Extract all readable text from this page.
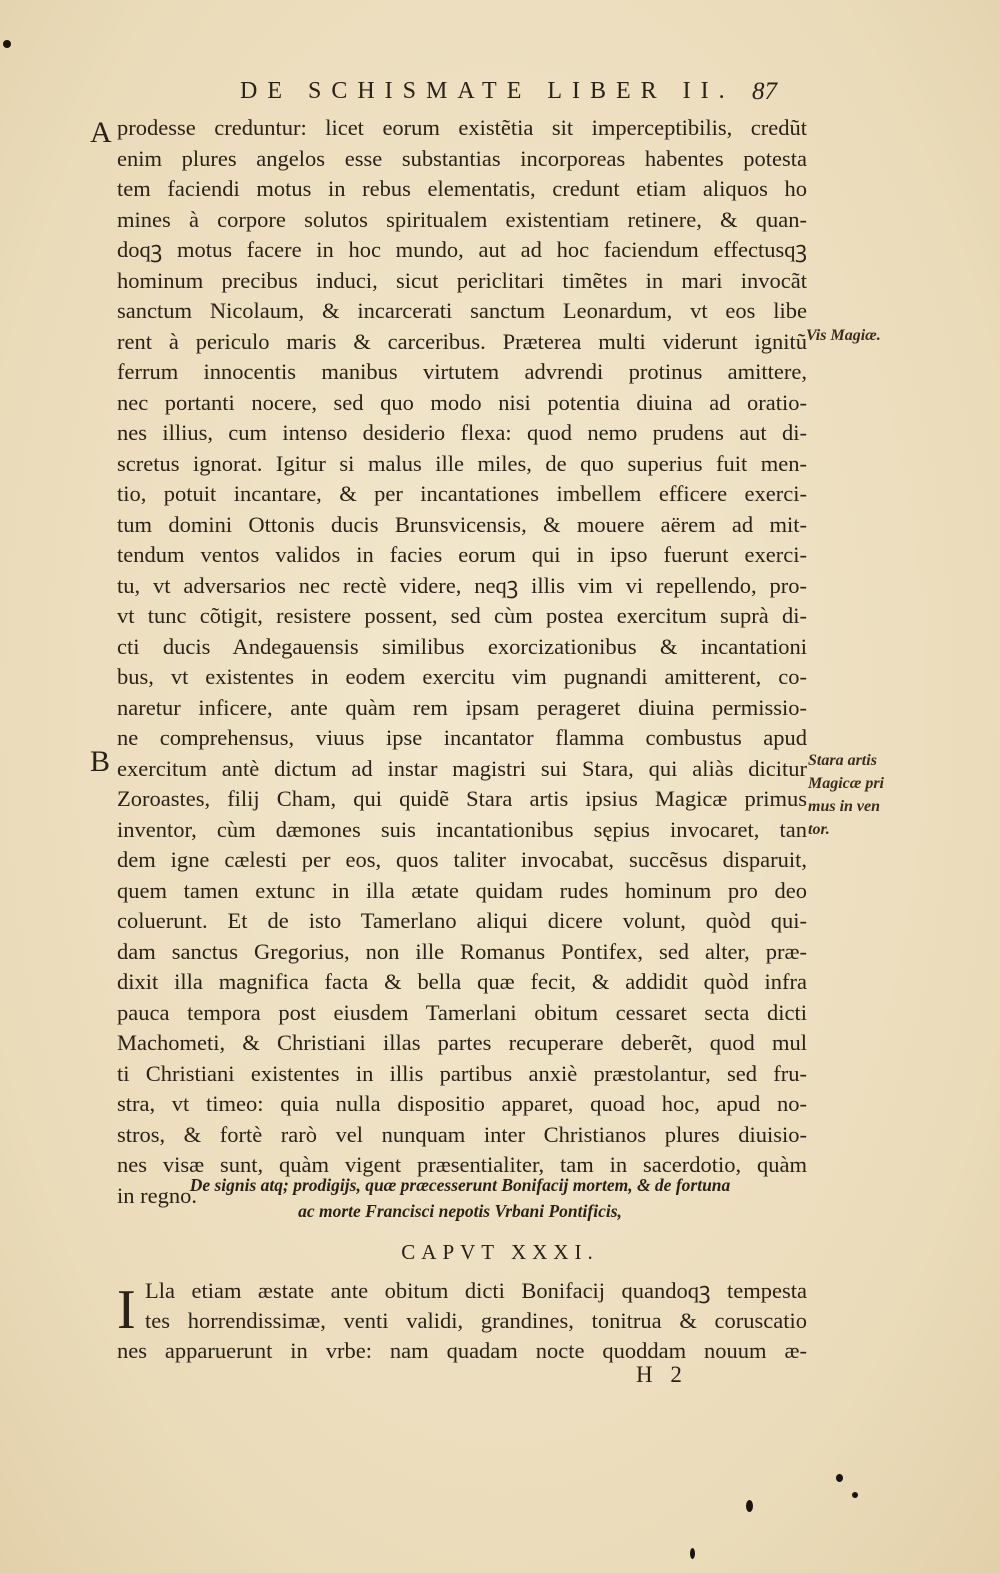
DE SCHISMATE LIBER II. 87
A
B
prodesse creduntur: licet eorum existẽtia sit imperceptibilis, credũt
enim plures angelos esse substantias incorporeas habentes potesta
tem faciendi motus in rebus elementatis, credunt etiam aliquos ho
mines à corpore solutos spiritualem existentiam retinere, & quan-
doqꝫ motus facere in hoc mundo, aut ad hoc faciendum effectusqꝫ
hominum precibus induci, sicut periclitari timẽtes in mari invocãt
sanctum Nicolaum, & incarcerati sanctum Leonardum, vt eos libe
rent à periculo maris & carceribus. Præterea multi viderunt ignitũ
ferrum innocentis manibus virtutem advrendi protinus amittere,
nec portanti nocere, sed quo modo nisi potentia diuina ad oratio-
nes illius, cum intenso desiderio flexa: quod nemo prudens aut di-
scretus ignorat. Igitur si malus ille miles, de quo superius fuit men-
tio, potuit incantare, & per incantationes imbellem efficere exerci-
tum domini Ottonis ducis Brunsvicensis, & mouere aërem ad mit-
tendum ventos validos in facies eorum qui in ipso fuerunt exerci-
tu, vt adversarios nec rectè videre, neqꝫ illis vim vi repellendo, pro-
vt tunc cõtigit, resistere possent, sed cùm postea exercitum suprà di-
cti ducis Andegauensis similibus exorcizationibus & incantationi
bus, vt existentes in eodem exercitu vim pugnandi amitterent, co-
naretur inficere, ante quàm rem ipsam perageret diuina permissio-
ne comprehensus, viuus ipse incantator flamma combustus apud
exercitum antè dictum ad instar magistri sui Stara, qui aliàs dicitur
Zoroastes, filij Cham, qui quidẽ Stara artis ipsius Magicæ primus
inventor, cùm dæmones suis incantationibus sępius invocaret, tan
dem igne cælesti per eos, quos taliter invocabat, succẽsus disparuit,
quem tamen extunc in illa ætate quidam rudes hominum pro deo
coluerunt. Et de isto Tamerlano aliqui dicere volunt, quòd qui-
dam sanctus Gregorius, non ille Romanus Pontifex, sed alter, præ-
dixit illa magnifica facta & bella quæ fecit, & addidit quòd infra
pauca tempora post eiusdem Tamerlani obitum cessaret secta dicti
Machometi, & Christiani illas partes recuperare deberẽt, quod mul
ti Christiani existentes in illis partibus anxiè præstolantur, sed fru-
stra, vt timeo: quia nulla dispositio apparet, quoad hoc, apud no-
stros, & fortè rarò vel nunquam inter Christianos plures diuisio-
nes visæ sunt, quàm vigent præsentialiter, tam in sacerdotio, quàm
in regno.
Vis Magiæ.
Stara artis
Magicæ pri
mus in ven
tor.
De signis atq; prodigijs, quæ præcesserunt Bonifacij mortem, & de fortuna
ac morte Francisci nepotis Vrbani Pontificis,
CAPVT XXXI.
I Lla etiam æstate ante obitum dicti Bonifacij quandoqꝫ tempesta
tes horrendissimæ, venti validi, grandines, tonitrua & coruscatio
nes apparuerunt in vrbe: nam quadam nocte quoddam nouum æ-
H 2
